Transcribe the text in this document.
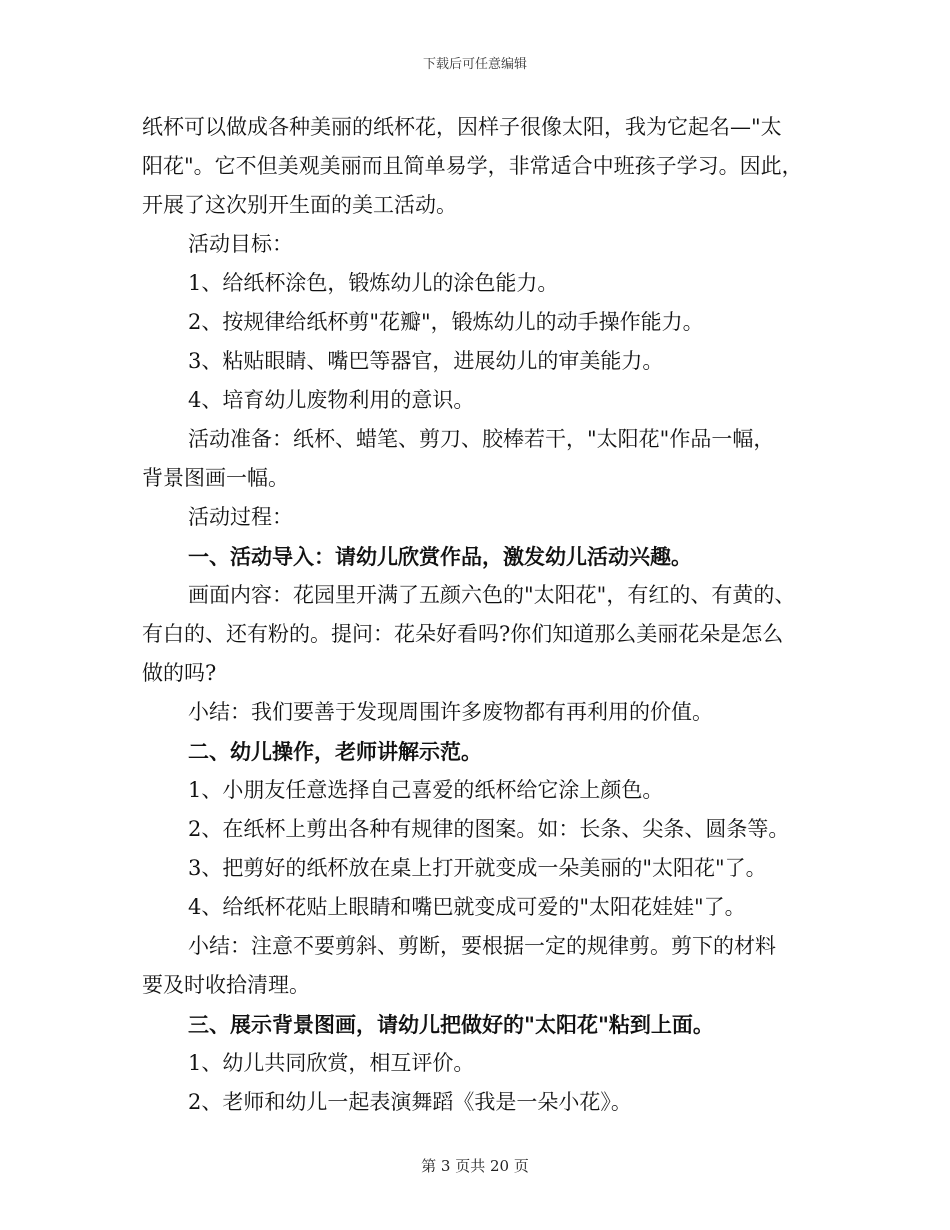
下载后可任意编辑
纸杯可以做成各种美丽的纸杯花，因样子很像太阳，我为它起名—"太
阳花"。它不但美观美丽而且简单易学，非常适合中班孩子学习。因此，
开展了这次别开生面的美工活动。
活动目标：
1、给纸杯涂色，锻炼幼儿的涂色能力。
2、按规律给纸杯剪"花瓣"，锻炼幼儿的动手操作能力。
3、粘贴眼睛、嘴巴等器官，进展幼儿的审美能力。
4、培育幼儿废物利用的意识。
活动准备：纸杯、蜡笔、剪刀、胶棒若干，"太阳花"作品一幅，
背景图画一幅。
活动过程：
一、活动导入：请幼儿欣赏作品，激发幼儿活动兴趣。
画面内容：花园里开满了五颜六色的"太阳花"，有红的、有黄的、
有白的、还有粉的。提问：花朵好看吗?你们知道那么美丽花朵是怎么
做的吗?
小结：我们要善于发现周围许多废物都有再利用的价值。
二、幼儿操作，老师讲解示范。
1、小朋友任意选择自己喜爱的纸杯给它涂上颜色。
2、在纸杯上剪出各种有规律的图案。如：长条、尖条、圆条等。
3、把剪好的纸杯放在桌上打开就变成一朵美丽的"太阳花"了。
4、给纸杯花贴上眼睛和嘴巴就变成可爱的"太阳花娃娃"了。
小结：注意不要剪斜、剪断，要根据一定的规律剪。剪下的材料
要及时收拾清理。
三、展示背景图画，请幼儿把做好的"太阳花"粘到上面。
1、幼儿共同欣赏，相互评价。
2、老师和幼儿一起表演舞蹈《我是一朵小花》。
第 3 页共 20 页
